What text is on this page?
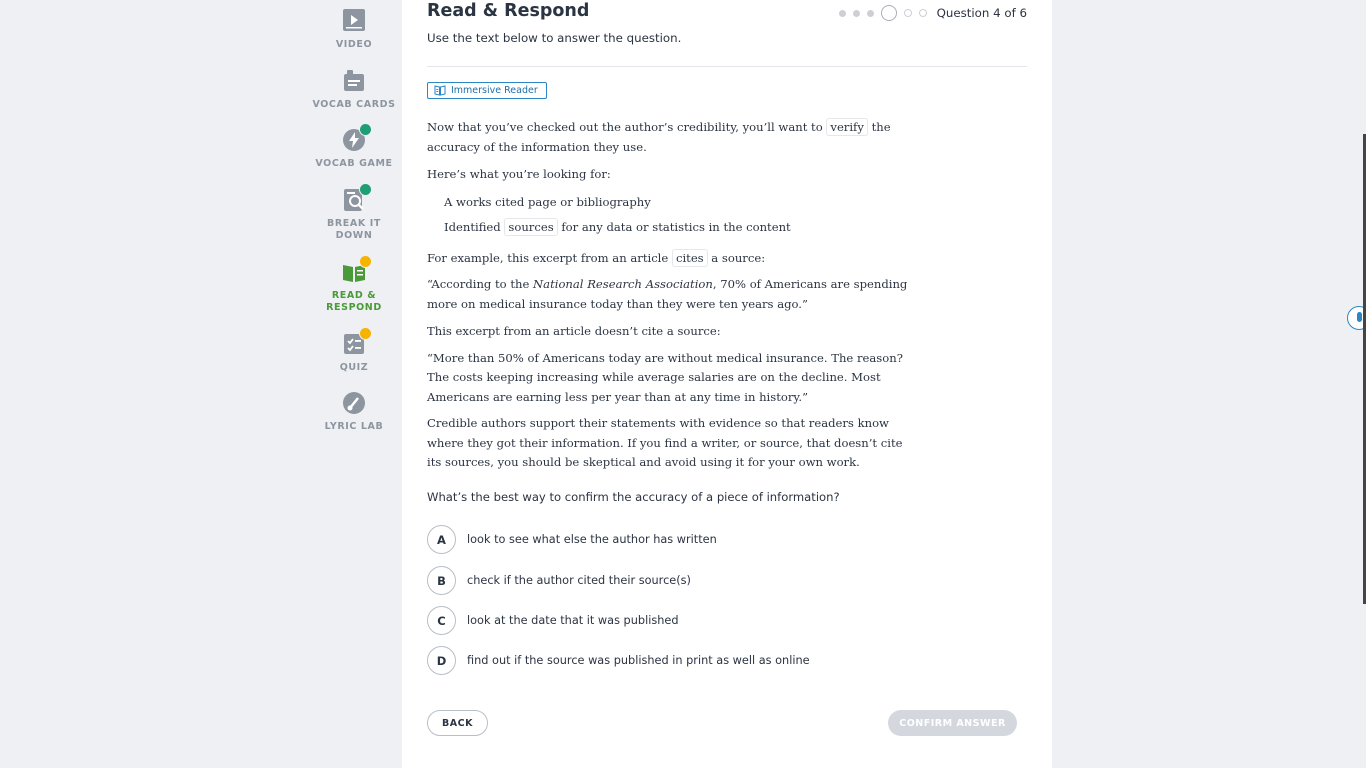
VIDEO
VOCAB CARDS
VOCAB GAME
BREAK IT
DOWN
READ &
RESPOND
QUIZ
LYRIC LAB
Read & Respond	Question 4 of 6
Use the text below to answer the question.
Immersive Reader

Now that you’ve checked out the author’s credibility, you’ll want to verify the accuracy of the information they use.

Here’s what you’re looking for:

A works cited page or bibliography

Identified sources for any data or statistics in the content

For example, this excerpt from an article cites a source:

“According to the National Research Association, 70% of Americans are spending more on medical insurance today than they were ten years ago.”

This excerpt from an article doesn’t cite a source:

“More than 50% of Americans today are without medical insurance. The reason? The costs keeping increasing while average salaries are on the decline. Most Americans are earning less per year than at any time in history.”

Credible authors support their statements with evidence so that readers know where they got their information. If you find a writer, or source, that doesn’t cite its sources, you should be skeptical and avoid using it for your own work.

What’s the best way to confirm the accuracy of a piece of information?
A	look to see what else the author has written
B	check if the author cited their source(s)
C	look at the date that it was published
D	find out if the source was published in print as well as online
BACK	CONFIRM ANSWER
